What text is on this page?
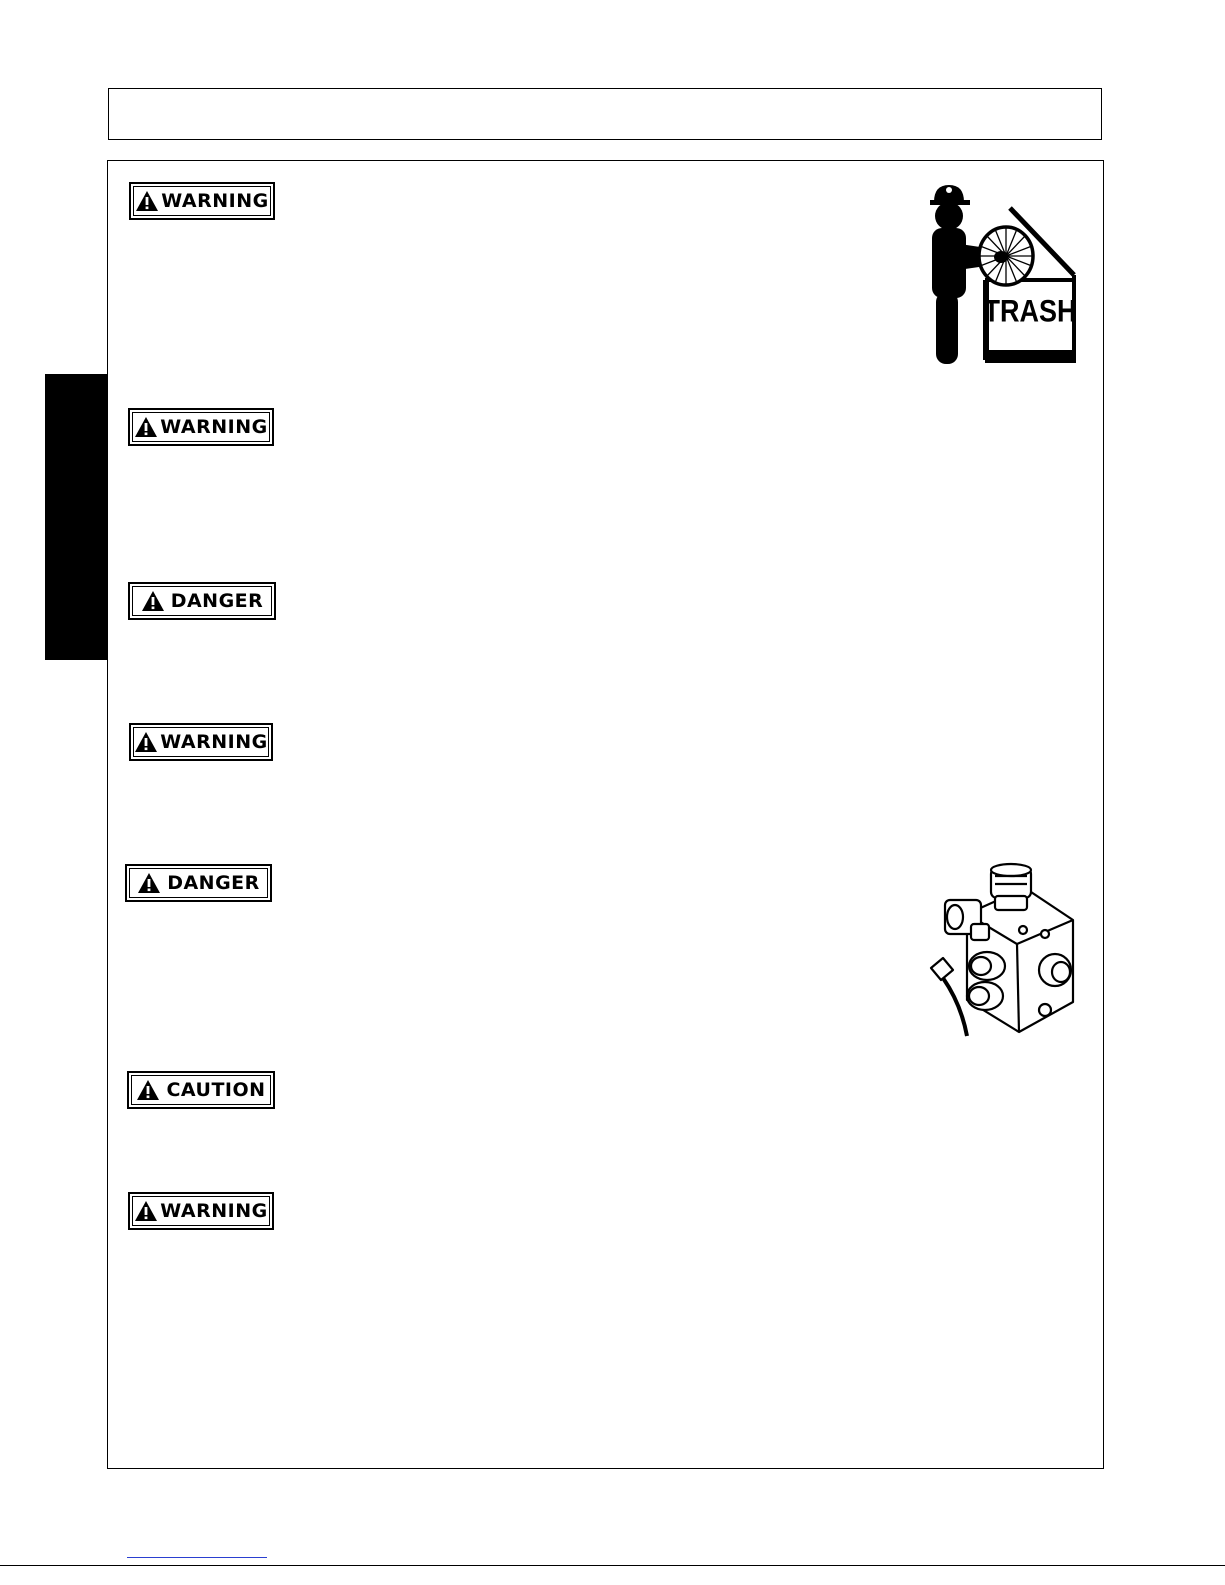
WARNING
WARNING
DANGER
WARNING
DANGER
CAUTION
WARNING
TRASH
